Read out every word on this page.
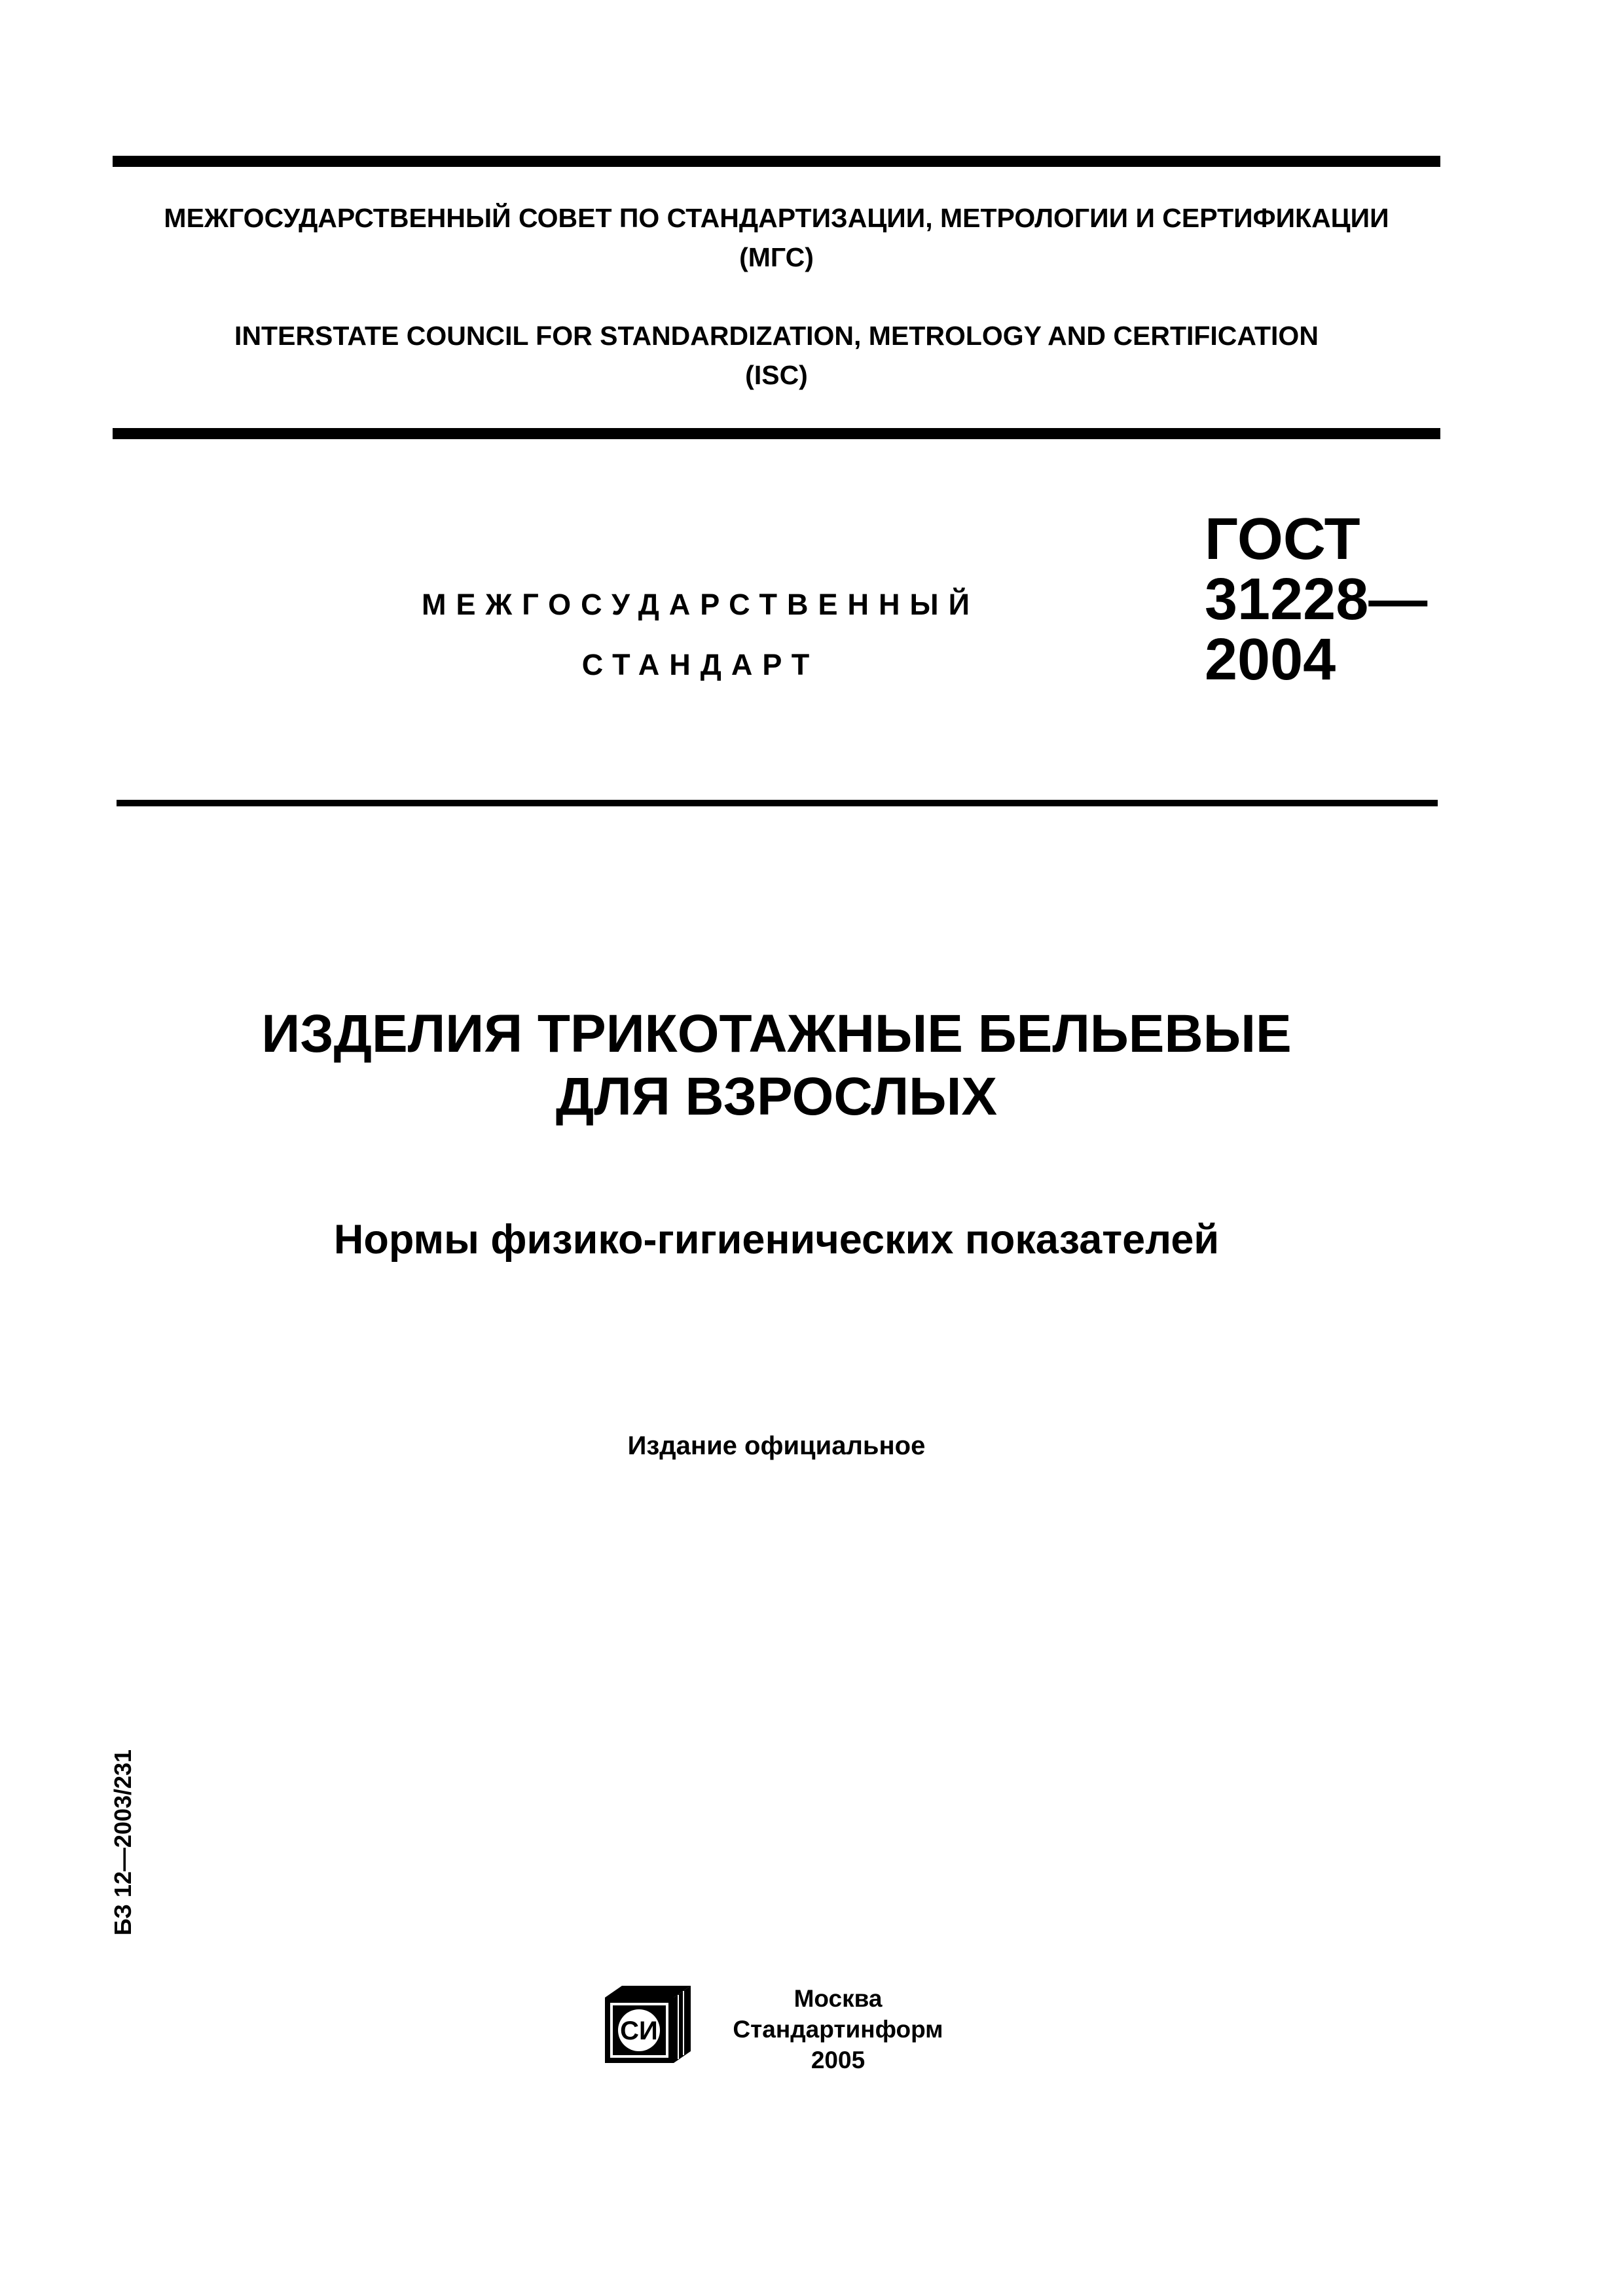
МЕЖГОСУДАРСТВЕННЫЙ СОВЕТ ПО СТАНДАРТИЗАЦИИ, МЕТРОЛОГИИ И СЕРТИФИКАЦИИ
(МГС)
INTERSTATE COUNCIL FOR STANDARDIZATION, METROLOGY AND CERTIFICATION
(ISC)
МЕЖГОСУДАРСТВЕННЫЙ
СТАНДАРТ
ГОСТ
31228—
2004
ИЗДЕЛИЯ ТРИКОТАЖНЫЕ БЕЛЬЕВЫЕ
ДЛЯ ВЗРОСЛЫХ
Нормы физико-гигиенических показателей
Издание официальное
БЗ 12—2003/231
СИ
Москва
Стандартинформ
2005
